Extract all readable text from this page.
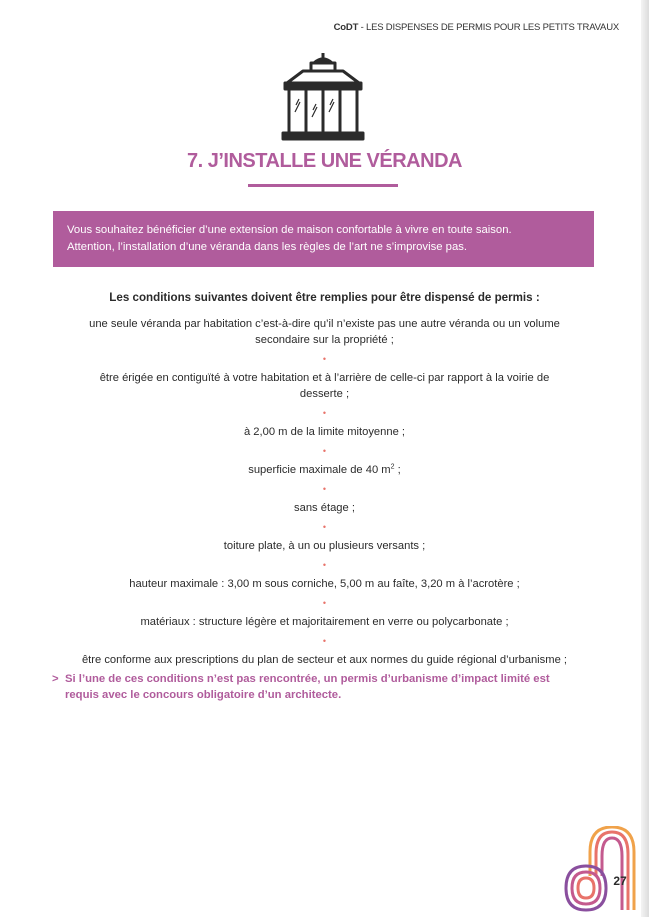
CoDT - LES DISPENSES DE PERMIS POUR LES PETITS TRAVAUX
7. J’INSTALLE UNE VÉRANDA
Vous souhaitez bénéficier d’une extension de maison confortable à vivre en toute saison.
Attention, l’installation d’une véranda dans les règles de l’art ne s’improvise pas.
Les conditions suivantes doivent être remplies pour être dispensé de permis :

une seule véranda par habitation c’est-à-dire qu’il n’existe pas une autre véranda ou un volume secondaire sur la propriété ;

•

être érigée en contiguïté à votre habitation et à l’arrière de celle-ci par rapport à la voirie de desserte ;

•

à 2,00 m de la limite mitoyenne ;

•

superficie maximale de 40 $m^2$ ;

•

sans étage ;

•

toiture plate, à un ou plusieurs versants ;

•

hauteur maximale : 3,00 m sous corniche, 5,00 m au faîte, 3,20 m à l’acrotère ;

•

matériaux : structure légère et majoritairement en verre ou polycarbonate ;

•

être conforme aux prescriptions du plan de secteur et aux normes du guide régional d’urbanisme ;

> Si l’une de ces conditions n’est pas rencontrée, un permis d’urbanisme d’impact limité est requis avec le concours obligatoire d’un architecte.
27
